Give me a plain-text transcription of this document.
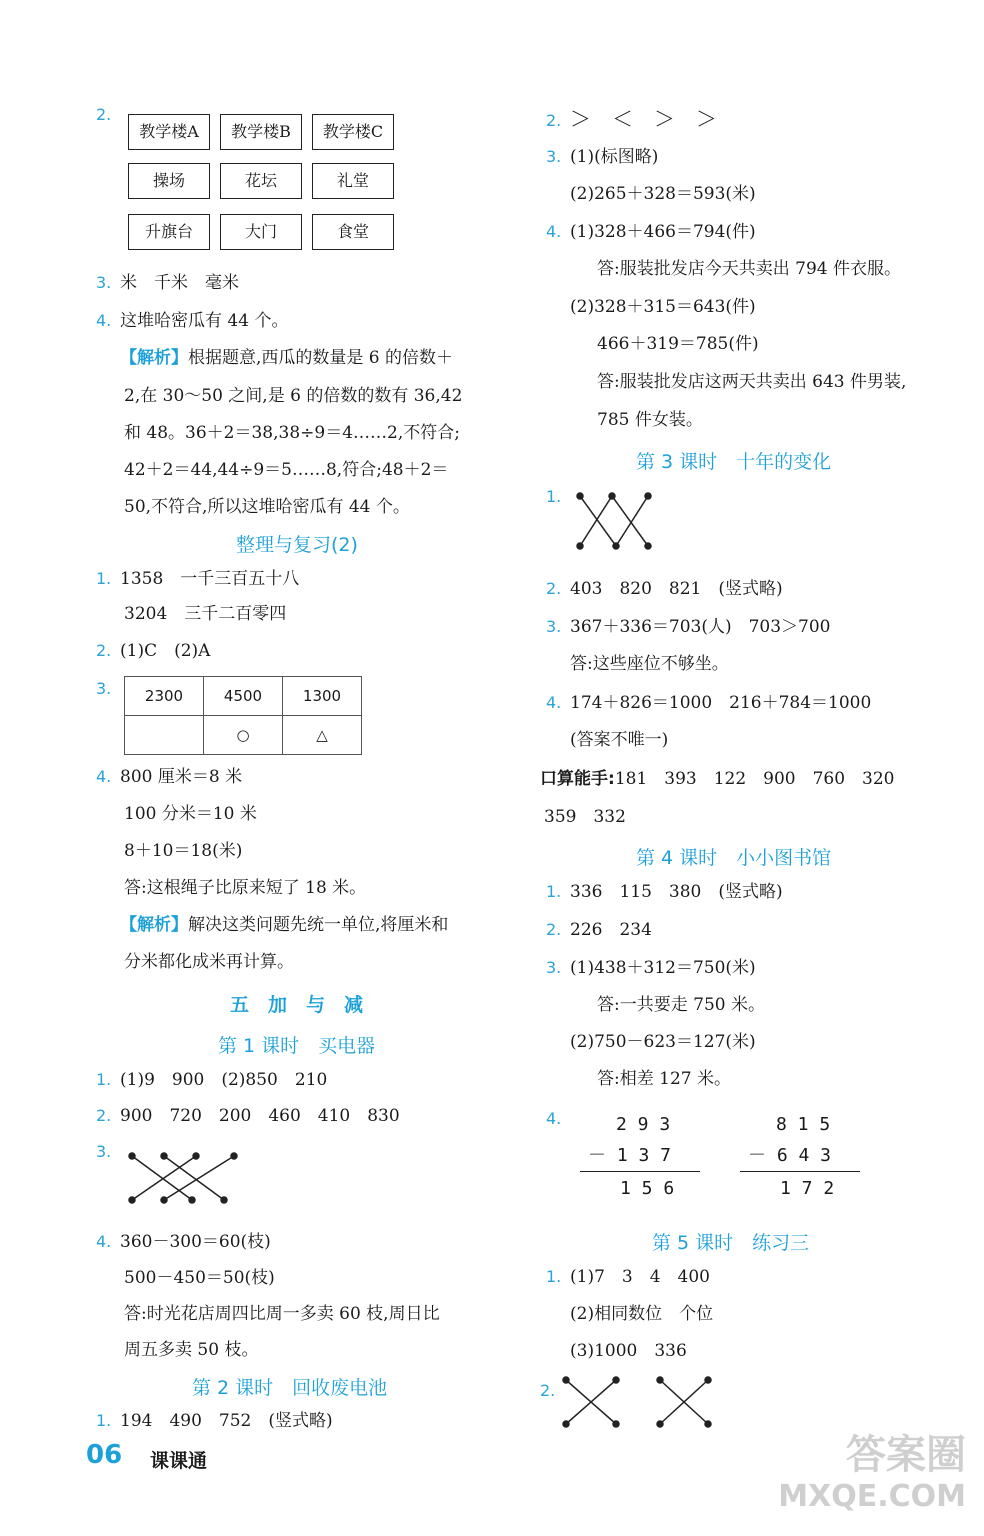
2.
教学楼A	教学楼B	教学楼C
操场	花坛	礼堂
升旗台	大门	食堂
3. 米　千米　毫米
4. 这堆哈密瓜有 44 个。
【解析】根据题意,西瓜的数量是 6 的倍数＋
2,在 30～50 之间,是 6 的倍数的数有 36,42
和 48。36＋2＝38,38÷9＝4……2,不符合;
42＋2＝44,44÷9＝5……8,符合;48＋2＝
50,不符合,所以这堆哈密瓜有 44 个。
整理与复习(2)
1. 1358　一千三百五十八
3204　三千二百零四
2. (1)C　(2)A
3.	2300	4500	1300
	○	△
4. 800 厘米＝8 米
100 分米＝10 米
8＋10＝18(米)
答:这根绳子比原来短了 18 米。
【解析】解决这类问题先统一单位,将厘米和
分米都化成米再计算。
五　加　与　减
第 1 课时　买电器
1. (1)9　900　(2)850　210
2. 900　720　200　460　410　830
3.
4. 360－300＝60(枝)
500－450＝50(枝)
答:时光花店周四比周一多卖 60 枝,周日比
周五多卖 50 枝。
第 2 课时　回收废电池
1. 194　490　752　(竖式略)
2. ＞　＜　＞　＞
3. (1)(标图略)
(2)265＋328＝593(米)
4. (1)328＋466＝794(件)
　答:服装批发店今天共卖出 794 件衣服。
(2)328＋315＝643(件)
　466＋319＝785(件)
　答:服装批发店这两天共卖出 643 件男装,
　785 件女装。
第 3 课时　十年的变化
1.
2. 403　820　821　(竖式略)
3. 367＋336＝703(人)　703＞700
答:这些座位不够坐。
4. 174＋826＝1000　216＋784＝1000
(答案不唯一)
口算能手:181　393　122　900　760　320
359　332
第 4 课时　小小图书馆
1. 336　115　380　(竖式略)
2. 226　234
3. (1)438＋312＝750(米)
　答:一共要走 750 米。
(2)750－623＝127(米)
　答:相差 127 米。
4.	2 9 3
－ 1 3 7
1 5 6
8 1 5
－ 6 4 3
1 7 2
第 5 课时　练习三
1. (1)7　3　4　400
(2)相同数位　个位
(3)1000　336
2.
06 课课通	答案圈
MXQE.COM
